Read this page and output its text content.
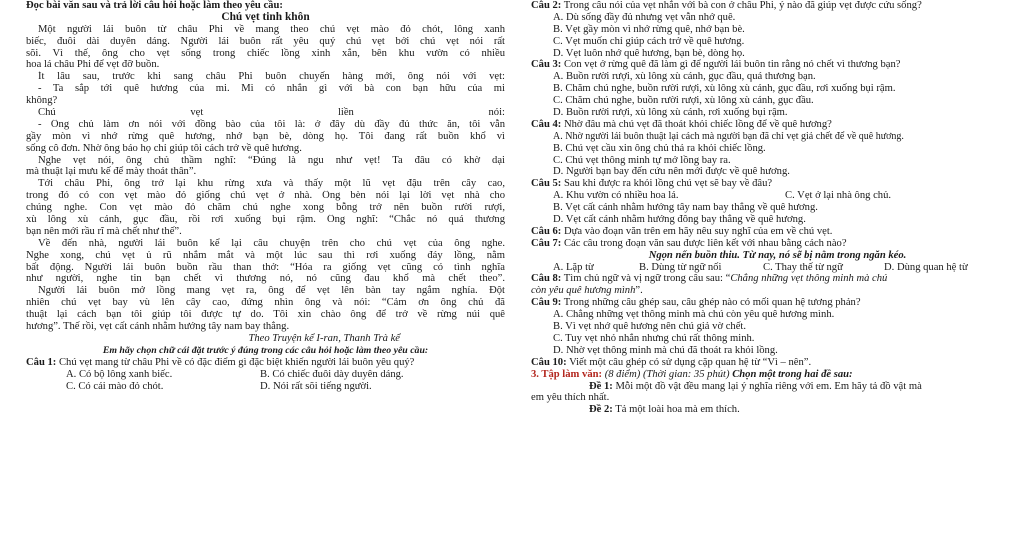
Đọc bài văn sau và trả lời câu hỏi hoặc làm theo yêu cầu:
Chú vẹt tinh khôn
Một người lái buôn từ châu Phi về mang theo chú vẹt mào đỏ chót, lông xanh
biếc, đuôi dài duyên dáng. Người lái buôn rất yêu quý chú vẹt bởi chú vẹt nói rất
sõi. Vì thế, ông cho vẹt sống trong chiếc lồng xinh xắn, bên khu vườn có nhiều
hoa lá châu Phi để vẹt đỡ buồn.
Ít lâu sau, trước khi sang châu Phi buôn chuyến hàng mới, ông nói với vẹt:
- Ta sắp tới quê hương của mi. Mi có nhắn gì với bà con bạn hữu của mi
không?
Chú vẹt liền nói:
- Ông chủ làm ơn nói với đồng bào của tôi là: ở đây dù đầy đủ thức ăn, tôi vẫn
gầy mòn vì nhớ rừng quê hương, nhớ bạn bè, dòng họ. Tôi đang rất buồn khổ vì
sống cô đơn. Nhờ ông báo họ chỉ giúp tôi cách trở về quê hương.
Nghe vẹt nói, ông chủ thầm nghĩ: “Đúng là ngu như vẹt! Ta đâu có khờ dại
mà thuật lại mưu kế để mày thoát thân”.
Tới châu Phi, ông trở lại khu rừng xưa và thấy một lũ vẹt đậu trên cây cao,
trong đó có con vẹt mào đỏ giống chú vẹt ở nhà. Ông bèn nói lại lời vẹt nhà cho
chúng nghe. Con vẹt mào đỏ chăm chú nghe xong bỗng trở nên buồn rười rượi,
xù lông xù cánh, gục đầu, rồi rơi xuống bụi rậm. Ông nghĩ: “Chắc nó quá thương
bạn nên mới rầu rĩ mà chết như thế”.
Về đến nhà, người lái buôn kể lại câu chuyện trên cho chú vẹt của ông nghe.
Nghe xong, chú vẹt ủ rũ nhắm mắt và một lúc sau thì rơi xuống đáy lồng, nằm
bất động. Người lái buôn buồn rầu than thở: “Hóa ra giống vẹt cũng có tình nghĩa
như người, nghe tin bạn chết vì thương nó, nó cũng đau khổ mà chết theo”.
Người lái buôn mở lồng mang vẹt ra, ông để vẹt lên bàn tay ngắm nghía. Đột
nhiên chú vẹt bay vù lên cây cao, đứng nhìn ông và nói: “Cảm ơn ông chủ đã
thuật lại cách bạn tôi giúp tôi được tự do. Tôi xin chào ông để trở về rừng núi quê
hương”. Thế rồi, vẹt cất cánh nhằm hướng tây nam bay thẳng.
Theo Truyện kể I-ran, Thanh Trà kể
Em hãy chọn chữ cái đặt trước ý đúng trong các câu hỏi hoặc làm theo yêu cầu:
Câu 1: Chú vẹt mang từ châu Phi về có đặc điểm gì đặc biệt khiến người lái buôn yêu quý?
A. Có bộ lông xanh biếc.	B. Có chiếc đuôi dày duyên dáng.
C. Có cái mào đỏ chót.	D. Nói rất sõi tiếng người.
Câu 2: Trong câu nói của vẹt nhắn với bà con ở châu Phi, ý nào đã giúp vẹt được cứu sống?
A. Dù sống đầy đủ nhưng vẹt vẫn nhớ quê.
B. Vẹt gầy mòn vì nhớ rừng quê, nhớ bạn bè.
C. Vẹt muốn chỉ giúp cách trở về quê hương.
D. Vẹt luôn nhớ quê hương, bạn bè, dòng họ.
Câu 3: Con vẹt ở rừng quê đã làm gì để người lái buôn tin rằng nó chết vì thương bạn?
A. Buồn rười rượi, xù lông xù cánh, gục đầu, quá thương bạn.
B. Chăm chú nghe, buồn rười rượi, xù lông xù cánh, gục đầu, rơi xuống bụi rậm.
C. Chăm chú nghe, buồn rười rượi, xù lông xù cánh, gục đầu.
D. Buồn rười rượi, xù lông xù cánh, rơi xuống bụi rậm.
Câu 4: Nhờ đâu mà chú vẹt đã thoát khỏi chiếc lồng để về quê hương?
A. Nhờ người lái buôn thuật lại cách mà người bạn đã chỉ vẹt giả chết để về quê hương.
B. Chú vẹt cầu xin ông chủ thả ra khỏi chiếc lồng.
C. Chú vẹt thông minh tự mở lồng bay ra.
D. Người bạn bay đến cứu nên mới được về quê hương.
Câu 5: Sau khi được ra khỏi lồng chú vẹt sẽ bay về đâu?
A. Khu vườn có nhiều hoa lá.	C. Vẹt ở lại nhà ông chủ.
B. Vẹt cất cánh nhằm hướng tây nam bay thẳng về quê hương.
D. Vẹt cất cánh nhằm hướng đông bay thẳng về quê hương.
Câu 6: Dựa vào đoạn văn trên em hãy nêu suy nghĩ của em về chú vẹt.
Câu 7: Các câu trong đoạn văn sau được liên kết với nhau bằng cách nào?
Ngọn nến buồn thiu. Từ nay, nó sẽ bị nằm trong ngăn kéo.
A. Lặp từ	B. Dùng từ ngữ nối	C. Thay thế từ ngữ	D. Dùng quan hệ từ
Câu 8: Tìm chủ ngữ và vị ngữ trong câu sau: “Chẳng những vẹt thông minh mà chú
còn yêu quê hương mình”.
Câu 9: Trong những câu ghép sau, câu ghép nào có mối quan hệ tương phản?
A. Chẳng những vẹt thông minh mà chú còn yêu quê hương mình.
B. Vì vẹt nhớ quê hương nên chú giả vờ chết.
C. Tuy vẹt nhỏ nhắn nhưng chú rất thông minh.
D. Nhờ vẹt thông minh mà chú đã thoát ra khỏi lồng.
Câu 10: Viết một câu ghép có sử dụng cặp quan hệ từ “Vì – nên”.
3. Tập làm văn: (8 điểm) (Thời gian: 35 phút) Chọn một trong hai đề sau:
Đề 1: Mỗi một đồ vật đều mang lại ý nghĩa riêng với em. Em hãy tả đồ vật mà
em yêu thích nhất.
Đề 2: Tả một loài hoa mà em thích.
